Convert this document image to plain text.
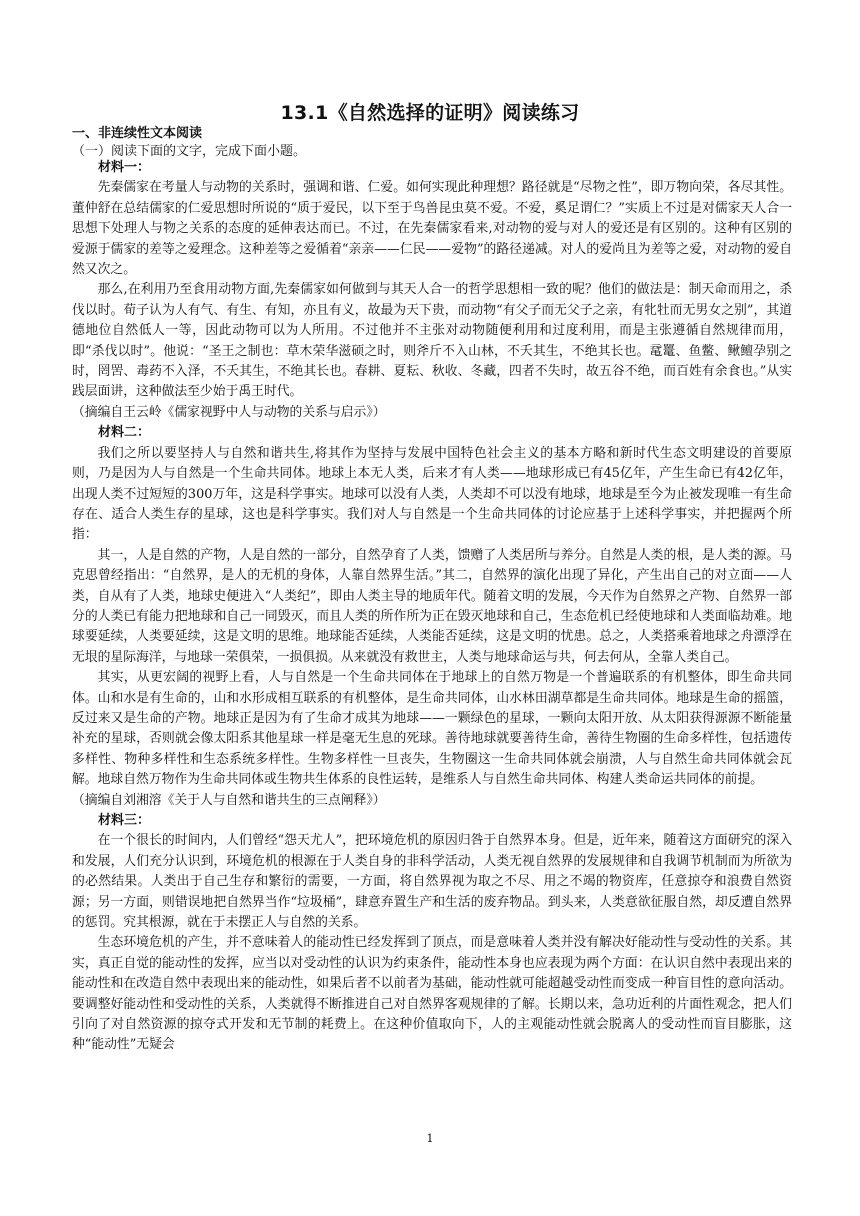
13.1《自然选择的证明》阅读练习
一、非连续性文本阅读
（一）阅读下面的文字，完成下面小题。

材料一：

先秦儒家在考量人与动物的关系时，强调和谐、仁爱。如何实现此种理想？路径就是“尽物之性”，即万物向荣，各尽其性。董仲舒在总结儒家的仁爱思想时所说的“质于爱民，以下至于鸟兽昆虫莫不爱。不爱，奚足谓仁？”实质上不过是对儒家天人合一思想下处理人与物之关系的态度的延伸表达而已。不过，在先秦儒家看来,对动物的爱与对人的爱还是有区别的。这种有区别的爱源于儒家的差等之爱理念。这种差等之爱循着“亲亲——仁民——爱物”的路径递减。对人的爱尚且为差等之爱，对动物的爱自然又次之。

那么,在利用乃至食用动物方面,先秦儒家如何做到与其天人合一的哲学思想相一致的呢？他们的做法是：制天命而用之，杀伐以时。荀子认为人有气、有生、有知，亦且有义，故最为天下贵，而动物“有父子而无父子之亲，有牝牡而无男女之别”，其道德地位自然低人一等，因此动物可以为人所用。不过他并不主张对动物随便利用和过度利用，而是主张遵循自然规律而用，即“杀伐以时”。他说：“圣王之制也：草木荣华滋硕之时，则斧斤不入山林，不夭其生，不绝其长也。鼋鼍、鱼鳖、鳅鳣孕别之时，罔罟、毒药不入泽，不夭其生，不绝其长也。春耕、夏耘、秋收、冬藏，四者不失时，故五谷不绝，而百姓有余食也。”从实践层面讲，这种做法至少始于禹王时代。

（摘编自王云岭《儒家视野中人与动物的关系与启示》）

材料二：

我们之所以要坚持人与自然和谐共生,将其作为坚持与发展中国特色社会主义的基本方略和新时代生态文明建设的首要原则，乃是因为人与自然是一个生命共同体。地球上本无人类，后来才有人类——地球形成已有45亿年，产生生命已有42亿年，出现人类不过短短的300万年，这是科学事实。地球可以没有人类，人类却不可以没有地球，地球是至今为止被发现唯一有生命存在、适合人类生存的星球，这也是科学事实。我们对人与自然是一个生命共同体的讨论应基于上述科学事实，并把握两个所指：

其一，人是自然的产物，人是自然的一部分，自然孕育了人类，馈赠了人类居所与养分。自然是人类的根，是人类的源。马克思曾经指出：“自然界，是人的无机的身体，人靠自然界生活。”其二，自然界的演化出现了异化，产生出自己的对立面——人类，自从有了人类，地球史便进入“人类纪”，即由人类主导的地质年代。随着文明的发展，今天作为自然界之产物、自然界一部分的人类已有能力把地球和自己一同毁灭，而且人类的所作所为正在毁灭地球和自己，生态危机已经使地球和人类面临劫难。地球要延续，人类要延续，这是文明的思维。地球能否延续，人类能否延续，这是文明的忧患。总之，人类搭乘着地球之舟漂浮在无垠的星际海洋，与地球一荣俱荣，一损俱损。从来就没有救世主，人类与地球命运与共，何去何从，全靠人类自己。

其实，从更宏阔的视野上看，人与自然是一个生命共同体在于地球上的自然万物是一个普遍联系的有机整体，即生命共同体。山和水是有生命的，山和水形成相互联系的有机整体，是生命共同体，山水林田湖草都是生命共同体。地球是生命的摇篮，反过来又是生命的产物。地球正是因为有了生命才成其为地球——一颗绿色的星球，一颗向太阳开放、从太阳获得源源不断能量补充的星球，否则就会像太阳系其他星球一样是毫无生息的死球。善待地球就要善待生命，善待生物圈的生命多样性，包括遗传多样性、物种多样性和生态系统多样性。生物多样性一旦丧失，生物圈这一生命共同体就会崩溃，人与自然生命共同体就会瓦解。地球自然万物作为生命共同体或生物共生体系的良性运转，是维系人与自然生命共同体、构建人类命运共同体的前提。

（摘编自刘湘溶《关于人与自然和谐共生的三点阐释》）

材料三：

在一个很长的时间内，人们曾经“怨天尤人”，把环境危机的原因归咎于自然界本身。但是，近年来，随着这方面研究的深入和发展，人们充分认识到，环境危机的根源在于人类自身的非科学活动，人类无视自然界的发展规律和自我调节机制而为所欲为的必然结果。人类出于自己生存和繁衍的需要，一方面，将自然界视为取之不尽、用之不竭的物资库，任意掠夺和浪费自然资源；另一方面，则错误地把自然界当作“垃圾桶”，肆意弃置生产和生活的废弃物品。到头来，人类意欲征服自然，却反遭自然界的惩罚。究其根源，就在于未摆正人与自然的关系。

生态环境危机的产生，并不意味着人的能动性已经发挥到了顶点，而是意味着人类并没有解决好能动性与受动性的关系。其实，真正自觉的能动性的发挥，应当以对受动性的认识为约束条件，能动性本身也应表现为两个方面：在认识自然中表现出来的能动性和在改造自然中表现出来的能动性，如果后者不以前者为基础，能动性就可能超越受动性而变成一种盲目性的意向活动。要调整好能动性和受动性的关系，人类就得不断推进自己对自然界客观规律的了解。长期以来，急功近利的片面性观念，把人们引向了对自然资源的掠夺式开发和无节制的耗费上。在这种价值取向下，人的主观能动性就会脱离人的受动性而盲目膨胀，这种“能动性”无疑会

1
